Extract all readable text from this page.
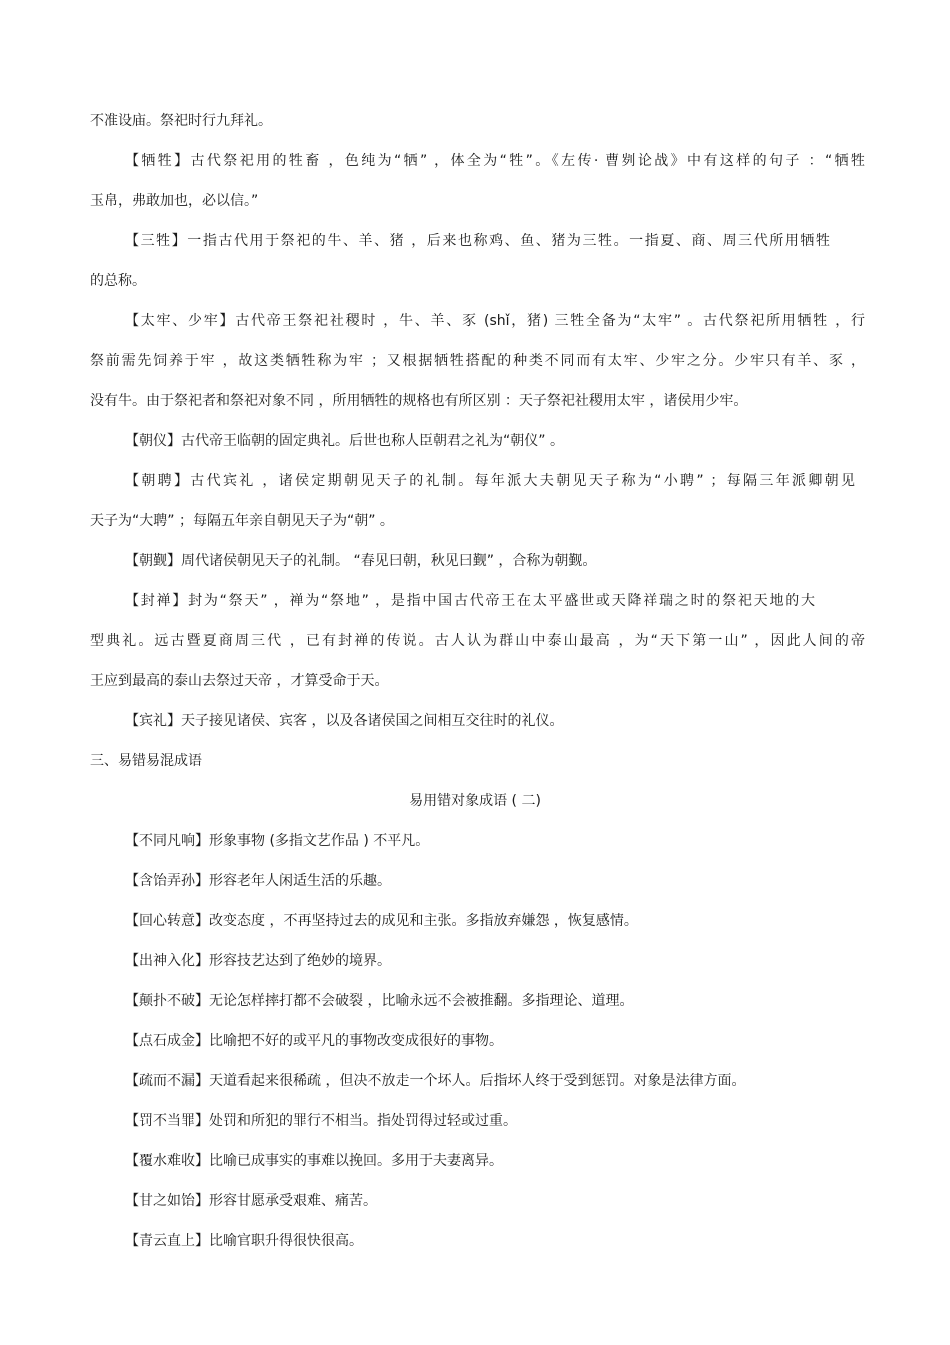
不准设庙。祭祀时行九拜礼。
【牺牲】古代祭祀用的牲畜 ，色纯为“牺” ，体全为“牲”。《左传· 曹刿论战》中有这样的句子 ：“牺牲
玉帛，弗敢加也，必以信。”
【三牲】一指古代用于祭祀的牛、羊、猪 ，后来也称鸡、鱼、猪为三牲。一指夏、商、周三代所用牺牲
的总称。
【太牢、少牢】古代帝王祭祀社稷时 ，牛、羊、豕 (shǐ，猪) 三牲全备为“太牢” 。古代祭祀所用牺牲 ，行
祭前需先饲养于牢 ，故这类牺牲称为牢 ；又根据牺牲搭配的种类不同而有太牢、少牢之分。少牢只有羊、豕 ，
没有牛。由于祭祀者和祭祀对象不同 ，所用牺牲的规格也有所区别 ：天子祭祀社稷用太牢 ，诸侯用少牢。
【朝仪】古代帝王临朝的固定典礼。后世也称人臣朝君之礼为“朝仪” 。
【朝聘】古代宾礼 ，诸侯定期朝见天子的礼制。每年派大夫朝见天子称为“小聘” ；每隔三年派卿朝见
天子为“大聘” ；每隔五年亲自朝见天子为“朝” 。
【朝觐】周代诸侯朝见天子的礼制。 “春见曰朝，秋见曰觐” ，合称为朝觐。
【封禅】封为“祭天” ，禅为“祭地” ，是指中国古代帝王在太平盛世或天降祥瑞之时的祭祀天地的大
型典礼。远古暨夏商周三代 ，已有封禅的传说。古人认为群山中泰山最高 ，为“天下第一山” ，因此人间的帝
王应到最高的泰山去祭过天帝 ，才算受命于天。
【宾礼】天子接见诸侯、宾客 ，以及各诸侯国之间相互交往时的礼仪。
三、易错易混成语
易用错对象成语 ( 二)
【不同凡响】形象事物 (多指文艺作品 ) 不平凡。
【含饴弄孙】形容老年人闲适生活的乐趣。
【回心转意】改变态度 ，不再坚持过去的成见和主张。多指放弃嫌怨 ，恢复感情。
【出神入化】形容技艺达到了绝妙的境界。
【颠扑不破】无论怎样摔打都不会破裂 ，比喻永远不会被推翻。多指理论、道理。
【点石成金】比喻把不好的或平凡的事物改变成很好的事物。
【疏而不漏】天道看起来很稀疏 ，但决不放走一个坏人。后指坏人终于受到惩罚。对象是法律方面。
【罚不当罪】处罚和所犯的罪行不相当。指处罚得过轻或过重。
【覆水难收】比喻已成事实的事难以挽回。多用于夫妻离异。
【甘之如饴】形容甘愿承受艰难、痛苦。
【青云直上】比喻官职升得很快很高。
